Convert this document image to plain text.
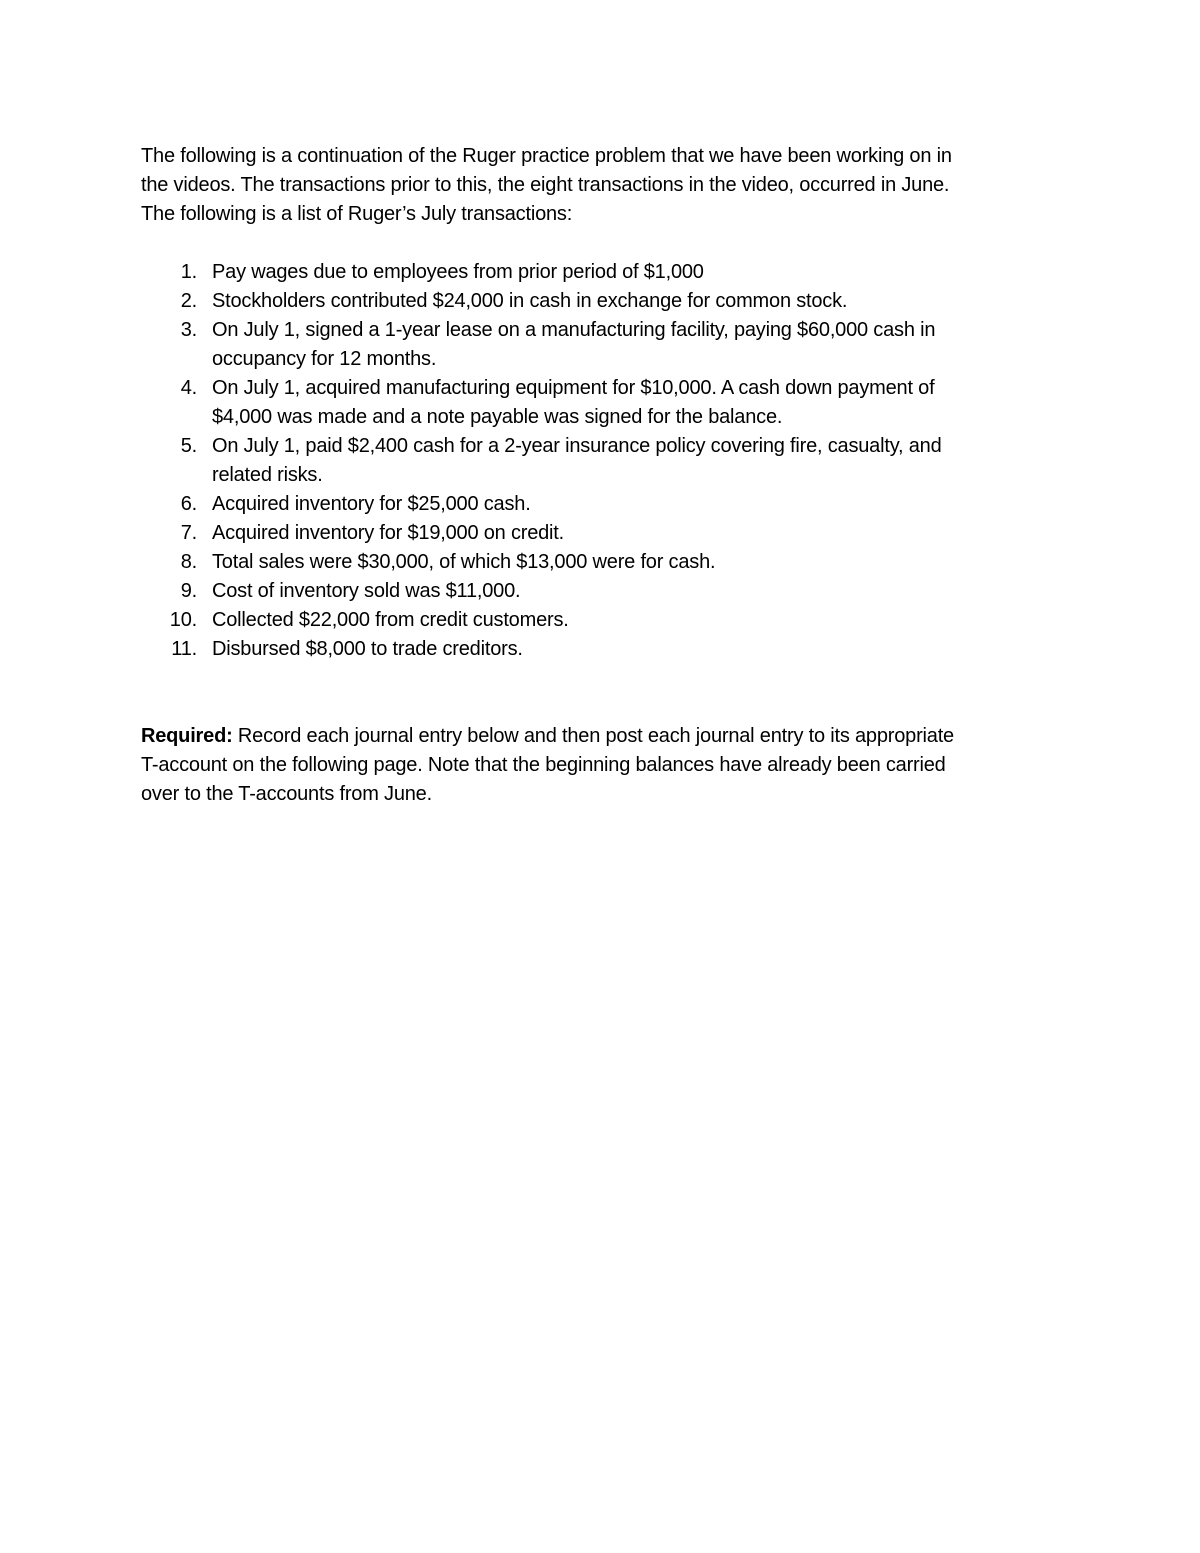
The following is a continuation of the Ruger practice problem that we have been working on in
the videos. The transactions prior to this, the eight transactions in the video, occurred in June.
The following is a list of Ruger’s July transactions:

1. Pay wages due to employees from prior period of $1,000
2. Stockholders contributed $24,000 in cash in exchange for common stock.
3. On July 1, signed a 1-year lease on a manufacturing facility, paying $60,000 cash in
occupancy for 12 months.
4. On July 1, acquired manufacturing equipment for $10,000. A cash down payment of
$4,000 was made and a note payable was signed for the balance.
5. On July 1, paid $2,400 cash for a 2-year insurance policy covering fire, casualty, and
related risks.
6. Acquired inventory for $25,000 cash.
7. Acquired inventory for $19,000 on credit.
8. Total sales were $30,000, of which $13,000 were for cash.
9. Cost of inventory sold was $11,000.
10. Collected $22,000 from credit customers.
11. Disbursed $8,000 to trade creditors.

Required: Record each journal entry below and then post each journal entry to its appropriate
T-account on the following page. Note that the beginning balances have already been carried
over to the T-accounts from June.
